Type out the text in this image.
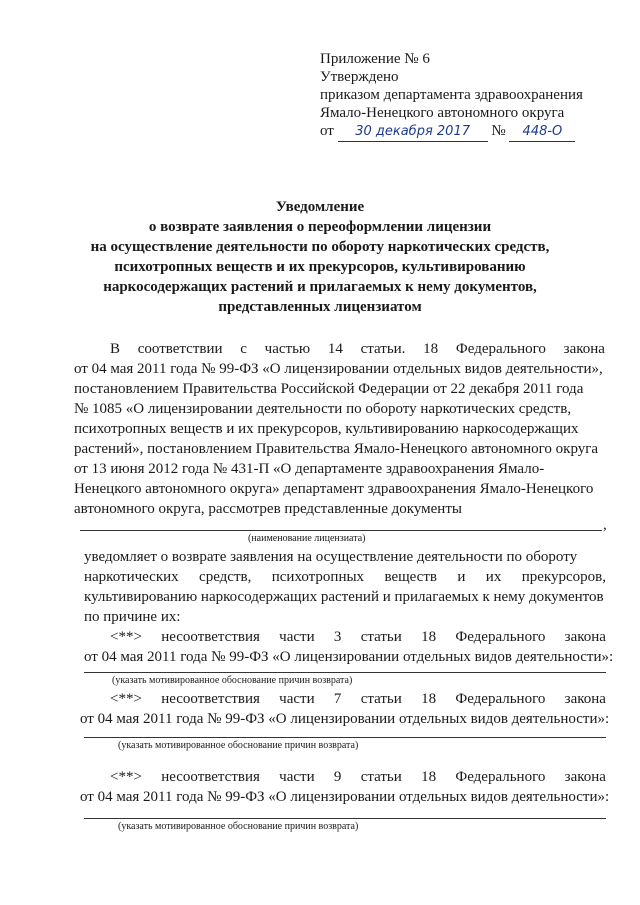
Приложение № 6
Утверждено
приказом департамента здравоохранения
Ямало-Ненецкого автономного округа
от 30 декабря 2017 № 448-О
Уведомление
о возврате заявления о переоформлении лицензии
на осуществление деятельности по обороту наркотических средств,
психотропных веществ и их прекурсоров, культивированию
наркосодержащих растений и прилагаемых к нему документов,
представленных лицензиатом
В соответствии с частью 14 статьи. 18 Федерального закона
от 04 мая 2011 года № 99-ФЗ «О лицензировании отдельных видов деятельности»,
постановлением Правительства Российской Федерации от 22 декабря 2011 года
№ 1085 «О лицензировании деятельности по обороту наркотических средств,
психотропных веществ и их прекурсоров, культивированию наркосодержащих
растений», постановлением Правительства Ямало-Ненецкого автономного округа
от 13 июня 2012 года № 431-П «О департаменте здравоохранения Ямало-
Ненецкого автономного округа» департамент здравоохранения Ямало-Ненецкого
автономного округа, рассмотрев представленные документы
,
(наименование лицензиата)
уведомляет о возврате заявления на осуществление деятельности по обороту
наркотических средств, психотропных веществ и их прекурсоров,
культивированию наркосодержащих растений и прилагаемых к нему документов
по причине их:
<**> несоответствия части 3 статьи 18 Федерального закона
от 04 мая 2011 года № 99-ФЗ «О лицензировании отдельных видов деятельности»:
(указать мотивированное обоснование причин возврата)
<**> несоответствия части 7 статьи 18 Федерального закона
от 04 мая 2011 года № 99-ФЗ «О лицензировании отдельных видов деятельности»:
(указать мотивированное обоснование причин возврата)
<**> несоответствия части 9 статьи 18 Федерального закона
от 04 мая 2011 года № 99-ФЗ «О лицензировании отдельных видов деятельности»:
(указать мотивированное обоснование причин возврата)
